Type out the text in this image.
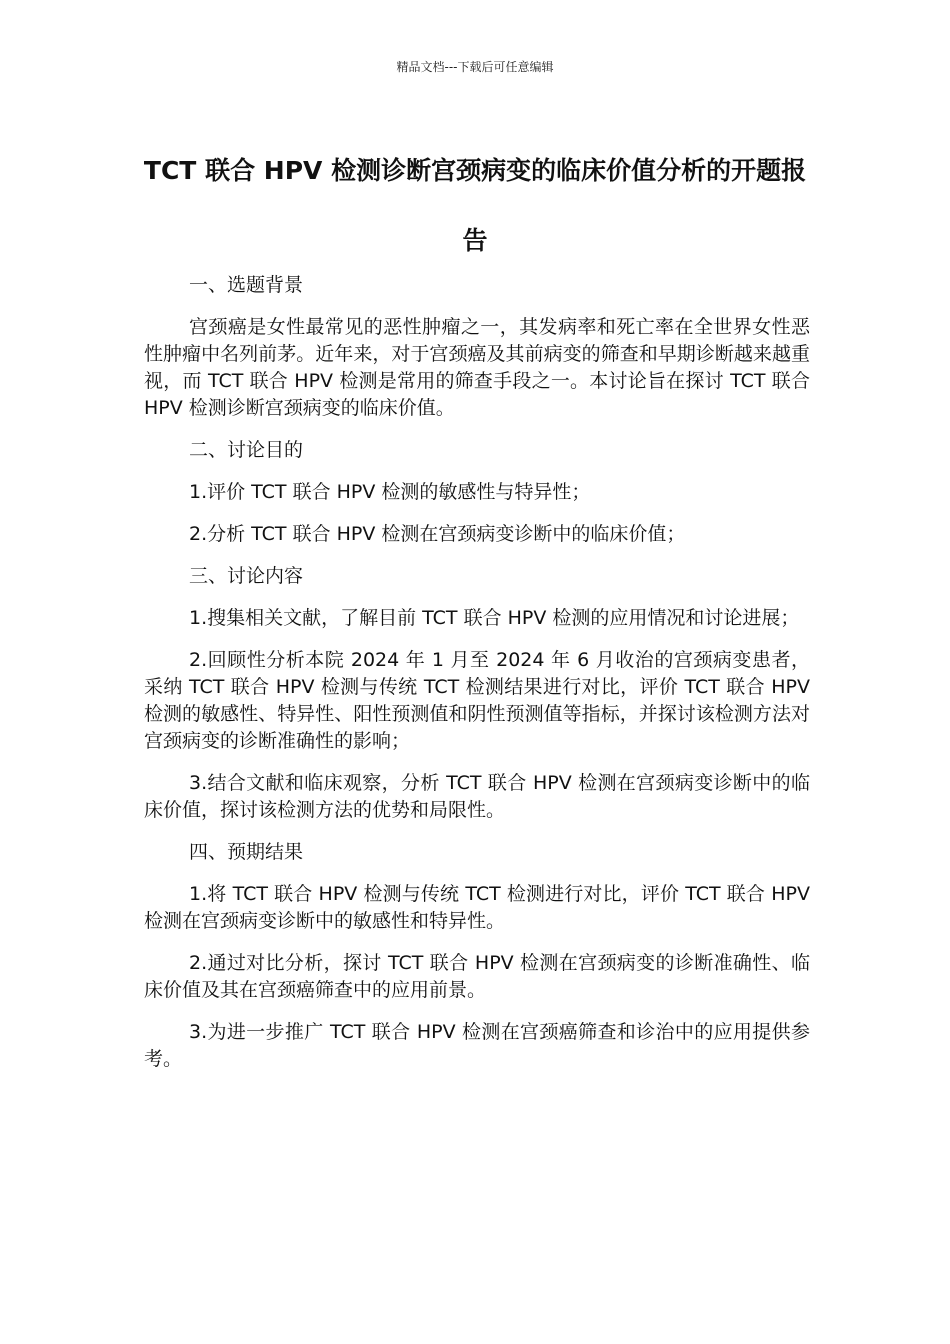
精品文档---下载后可任意编辑
TCT 联合 HPV 检测诊断宫颈病变的临床价值分析的开题报告

一、选题背景

宫颈癌是女性最常见的恶性肿瘤之一，其发病率和死亡率在全世界女性恶性肿瘤中名列前茅。近年来，对于宫颈癌及其前病变的筛查和早期诊断越来越重视，而 TCT 联合 HPV 检测是常用的筛查手段之一。本讨论旨在探讨 TCT 联合 HPV 检测诊断宫颈病变的临床价值。

二、讨论目的

1.评价 TCT 联合 HPV 检测的敏感性与特异性；

2.分析 TCT 联合 HPV 检测在宫颈病变诊断中的临床价值；

三、讨论内容

1.搜集相关文献，了解目前 TCT 联合 HPV 检测的应用情况和讨论进展；

2.回顾性分析本院 2024 年 1 月至 2024 年 6 月收治的宫颈病变患者，采纳 TCT 联合 HPV 检测与传统 TCT 检测结果进行对比，评价 TCT 联合 HPV 检测的敏感性、特异性、阳性预测值和阴性预测值等指标，并探讨该检测方法对宫颈病变的诊断准确性的影响；

3.结合文献和临床观察，分析 TCT 联合 HPV 检测在宫颈病变诊断中的临床价值，探讨该检测方法的优势和局限性。

四、预期结果

1.将 TCT 联合 HPV 检测与传统 TCT 检测进行对比，评价 TCT 联合 HPV 检测在宫颈病变诊断中的敏感性和特异性。

2.通过对比分析，探讨 TCT 联合 HPV 检测在宫颈病变的诊断准确性、临床价值及其在宫颈癌筛查中的应用前景。

3.为进一步推广 TCT 联合 HPV 检测在宫颈癌筛查和诊治中的应用提供参考。
